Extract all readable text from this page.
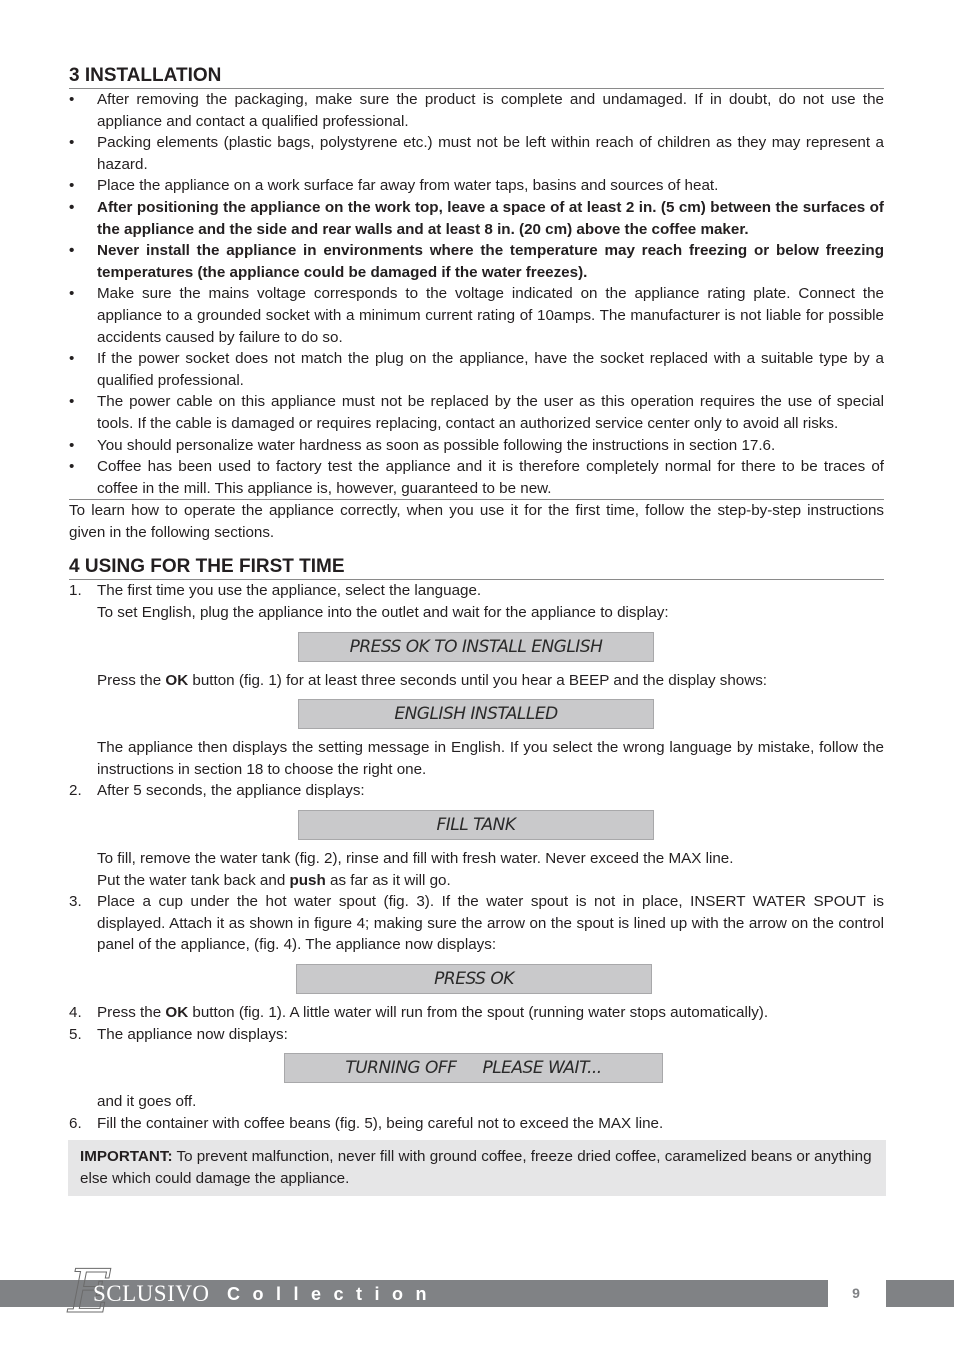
3 INSTALLATION
• After removing the packaging, make sure the product is complete and undamaged. If in doubt, do not use the appliance and contact a qualified professional.
• Packing elements (plastic bags, polystyrene etc.) must not be left within reach of children as they may represent a hazard.
• Place the appliance on a work surface far away from water taps, basins and sources of heat.
• After positioning the appliance on the work top, leave a space of at least 2 in. (5 cm) between the surfaces of the appliance and the side and rear walls and at least 8 in. (20 cm) above the coffee maker.
• Never install the appliance in environments where the temperature may reach freezing or below freezing temperatures (the appliance could be damaged if the water freezes).
• Make sure the mains voltage corresponds to the voltage indicated on the appliance rating plate. Connect the appliance to a grounded socket with a minimum current rating of 10amps. The manufacturer is not liable for possible accidents caused by failure to do so.
• If the power socket does not match the plug on the appliance, have the socket replaced with a suitable type by a qualified professional.
• The power cable on this appliance must not be replaced by the user as this operation requires the use of special tools. If the cable is damaged or requires replacing, contact an authorized service center only to avoid all risks.
• You should personalize water hardness as soon as possible following the instructions in section 17.6.
• Coffee has been used to factory test the appliance and it is therefore completely normal for there to be traces of coffee in the mill. This appliance is, however, guaranteed to be new.

To learn how to operate the appliance correctly, when you use it for the first time, follow the step-by-step instructions given in the following sections.

4 USING FOR THE FIRST TIME
1. The first time you use the appliance, select the language.
To set English, plug the appliance into the outlet and wait for the appliance to display:
PRESS OK TO INSTALL ENGLISH
Press the OK button (fig. 1) for at least three seconds until you hear a BEEP and the display shows:
ENGLISH INSTALLED
The appliance then displays the setting message in English. If you select the wrong language by mistake, follow the instructions in section 18 to choose the right one.
2. After 5 seconds, the appliance displays:
FILL TANK
To fill, remove the water tank (fig. 2), rinse and fill with fresh water. Never exceed the MAX line.
Put the water tank back and push as far as it will go.
3. Place a cup under the hot water spout (fig. 3). If the water spout is not in place, INSERT WATER SPOUT is displayed. Attach it as shown in figure 4; making sure the arrow on the spout is lined up with the arrow on the control panel of the appliance, (fig. 4). The appliance now displays:
PRESS OK
4. Press the OK button (fig. 1). A little water will run from the spout (running water stops automatically).
5. The appliance now displays:
TURNING OFF PLEASE WAIT...
and it goes off.
6. Fill the container with coffee beans (fig. 5), being careful not to exceed the MAX line.
IMPORTANT: To prevent malfunction, never fill with ground coffee, freeze dried coffee, caramelized beans or anything else which could damage the appliance.
E
SCLUSIVO Collection	9
